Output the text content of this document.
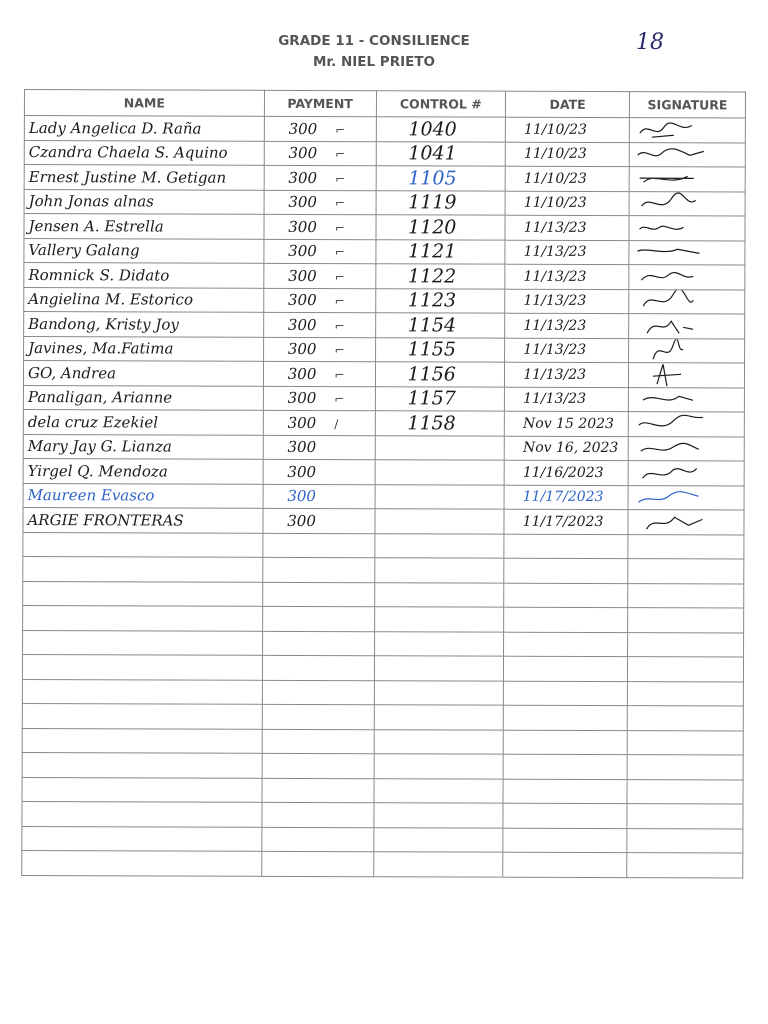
GRADE 11 - CONSILIENCE
Mr. NIEL PRIETO
18
NAME	PAYMENT	CONTROL #	DATE	SIGNATURE
Lady Angelica D. Raña	300 ⌐	1040	11/10/23	

Czandra Chaela S. Aquino	300 ⌐	1041	11/10/23	

Ernest Justine M. Getigan	300 ⌐	1105	11/10/23	

John Jonas alnas	300 ⌐	1119	11/10/23	

Jensen A. Estrella	300 ⌐	1120	11/13/23	

Vallery Galang	300 ⌐	1121	11/13/23	

Romnick S. Didato	300 ⌐	1122	11/13/23	

Angielina M. Estorico	300 ⌐	1123	11/13/23	

Bandong, Kristy Joy	300 ⌐	1154	11/13/23	

Javines, Ma.Fatima	300 ⌐	1155	11/13/23	

GO, Andrea	300 ⌐	1156	11/13/23	

Panaligan, Arianne	300 ⌐	1157	11/13/23	

dela cruz Ezekiel	300 /	1158	Nov 15 2023	

Mary Jay G. Lianza	300		Nov 16, 2023	

Yirgel Q. Mendoza	300		11/16/2023	

Maureen Evasco	300		11/17/2023	

ARGIE FRONTERAS	300		11/17/2023	
